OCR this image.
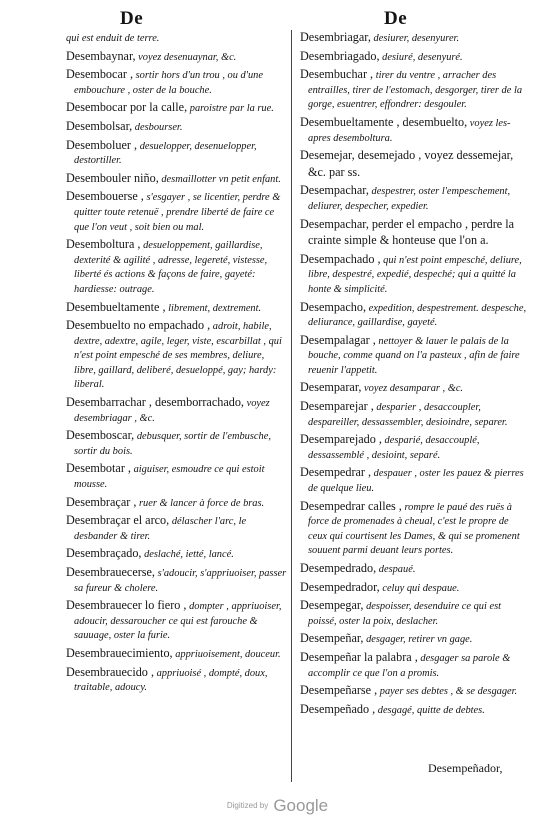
De	De
qui est enduit de terre.
Desembaynar, voyez desenuaynar, &c.
Desembocar , sortir hors d'un trou , ou d'une embouchure , oster de la bouche.
Desembocar por la calle, paroistre par la rue.
Desembolsar, desbourser.
Desemboluer , desuelopper, desenuelopper, destortiller.
Desembouler niño, desmaillotter vn petit enfant.
Desembouerse , s'esgayer , se licentier, perdre & quitter toute retenuë , prendre liberté de faire ce que l'on veut , soit bien ou mal.
Desemboltura , desueloppement, gaillardise, dexterité & agilité , adresse, legereté, vistesse, liberté és actions & façons de faire, gayeté: hardiesse: outrage.
Desembueltamente , librement, dextrement.
Desembuelto no empachado , adroit, habile, dextre, adextre, agile, leger, viste, escarbillat , qui n'est point empesché de ses membres, deliure, libre, gaillard, deliberé, desueloppé, gay; hardy: liberal.
Desembarrachar , desemborrachado, voyez desembriagar , &c.
Desemboscar, debusquer, sortir de l'embusche, sortir du bois.
Desembotar , aiguiser, esmoudre ce qui estoit mousse.
Desembraçar , ruer & lancer à force de bras.
Desembraçar el arco, délascher l'arc, le desbander & tirer.
Desembraçado, deslaché, ietté, lancé.
Desembrauecerse, s'adoucir, s'appriuoiser, passer sa fureur & cholere.
Desembrauecer lo fiero , dompter , appriuoiser, adoucir, dessaroucher ce qui est farouche & sauuage, oster la furie.
Desembrauecimiento, appriuoisement, douceur.
Desembrauecido , appriuoisé , dompté, doux, traitable, adoucy.
Desembriagar, desiurer, desenyurer.
Desembriagado, desiuré, desenyuré.
Desembuchar , tirer du ventre , arracher des entrailles, tirer de l'estomach, desgorger, tirer de la gorge, esuentrer, effondrer: desgouler.
Desembueltamente , desembuelto, voyez les-apres desemboltura.
Desemejar, desemejado , voyez dessemejar, &c. par ss.
Desempachar, despestrer, oster l'empeschement, deliurer, despecher, expedier.
Desempachar, perder el empacho , perdre la crainte simple & honteuse que l'on a.
Desempachado , qui n'est point empesché, deliure, libre, despestré, expedié, despeché; qui a quitté la honte & simplicité.
Desempacho, expedition, despestrement. despesche, deliurance, gaillardise, gayeté.
Desempalagar , nettoyer & lauer le palais de la bouche, comme quand on l'a pasteux , afin de faire reuenir l'appetit.
Desemparar, voyez desamparar , &c.
Desemparejar , desparier , desaccoupler, despareiller, dessassembler, desioindre, separer.
Desemparejado , desparié, desaccouplé, dessassemblé , desioint, separé.
Desempedrar , despauer , oster les pauez & pierres de quelque lieu.
Desempedrar calles , rompre le paué des ruës à force de promenades à cheual, c'est le propre de ceux qui courtisent les Dames, & qui se promenent souuent parmi deuant leurs portes.
Desempedrado, despaué.
Desempedrador, celuy qui despaue.
Desempegar, despoisser, desenduire ce qui est poissé, oster la poix, deslacher.
Desempeñar, desgager, retirer vn gage.
Desempeñar la palabra , desgager sa parole & accomplir ce que l'on a promis.
Desempeñarse , payer ses debtes , & se desgager.
Desempeñado , desgagé, quitte de debtes.
Desempeñador,
Digitized by Google
